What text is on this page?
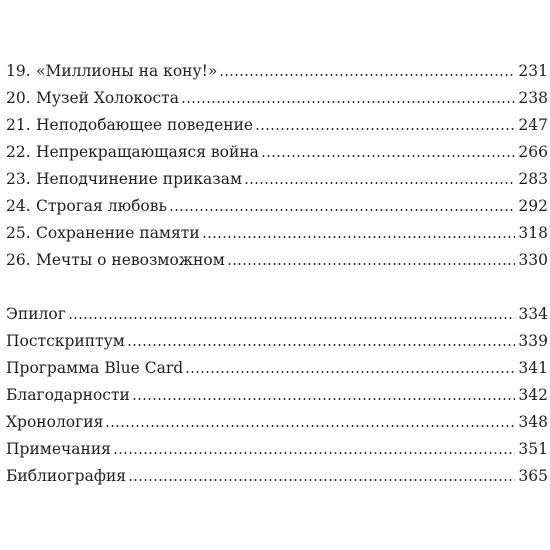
19. «Миллионы на кону!»	231
20. Музей Холокоста	238
21. Неподобающее поведение	247
22. Непрекращающаяся война	266
23. Неподчинение приказам	283
24. Строгая любовь	292
25. Сохранение памяти	318
26. Мечты о невозможном	330
Эпилог	334
Постскриптум	339
Программа Blue Card	341
Благодарности	342
Хронология	348
Примечания	351
Библиография	365
